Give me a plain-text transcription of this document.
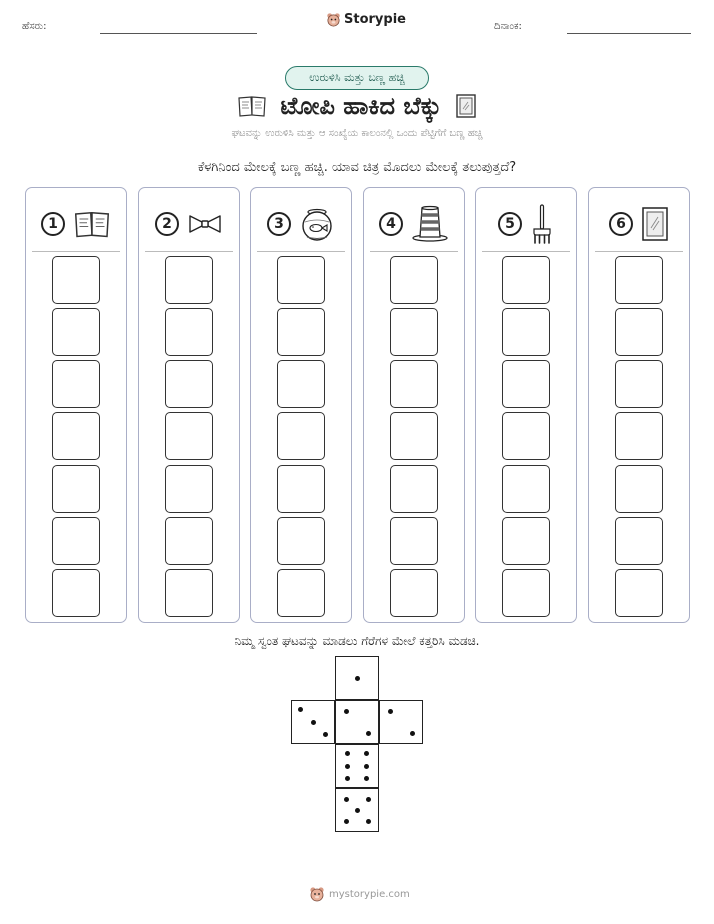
ಹೆಸರು:	Storypie	ದಿನಾಂಕ:
ಉರುಳಿಸಿ ಮತ್ತು ಬಣ್ಣ ಹಚ್ಚಿ
ಟೋಪಿ ಹಾಕಿದ ಬೆಕ್ಕು
ಘಟವನ್ನು ಉರುಳಿಸಿ ಮತ್ತು ಆ ಸಂಖ್ಯೆಯ ಕಾಲಂನಲ್ಲಿ ಒಂದು ಪೆಟ್ಟಿಗೆಗೆ ಬಣ್ಣ ಹಚ್ಚಿ
ಕೆಳಗಿನಿಂದ ಮೇಲಕ್ಕೆ ಬಣ್ಣ ಹಚ್ಚಿ. ಯಾವ ಚಿತ್ರ ಮೊದಲು ಮೇಲಕ್ಕೆ ತಲುಪುತ್ತದೆ?
1	2	3	4	5	6
ನಿಮ್ಮ ಸ್ವಂತ ಘಟವನ್ನು ಮಾಡಲು ಗೆರೆಗಳ ಮೇಲೆ ಕತ್ತರಿಸಿ ಮಡಚಿ.
mystorypie.com
